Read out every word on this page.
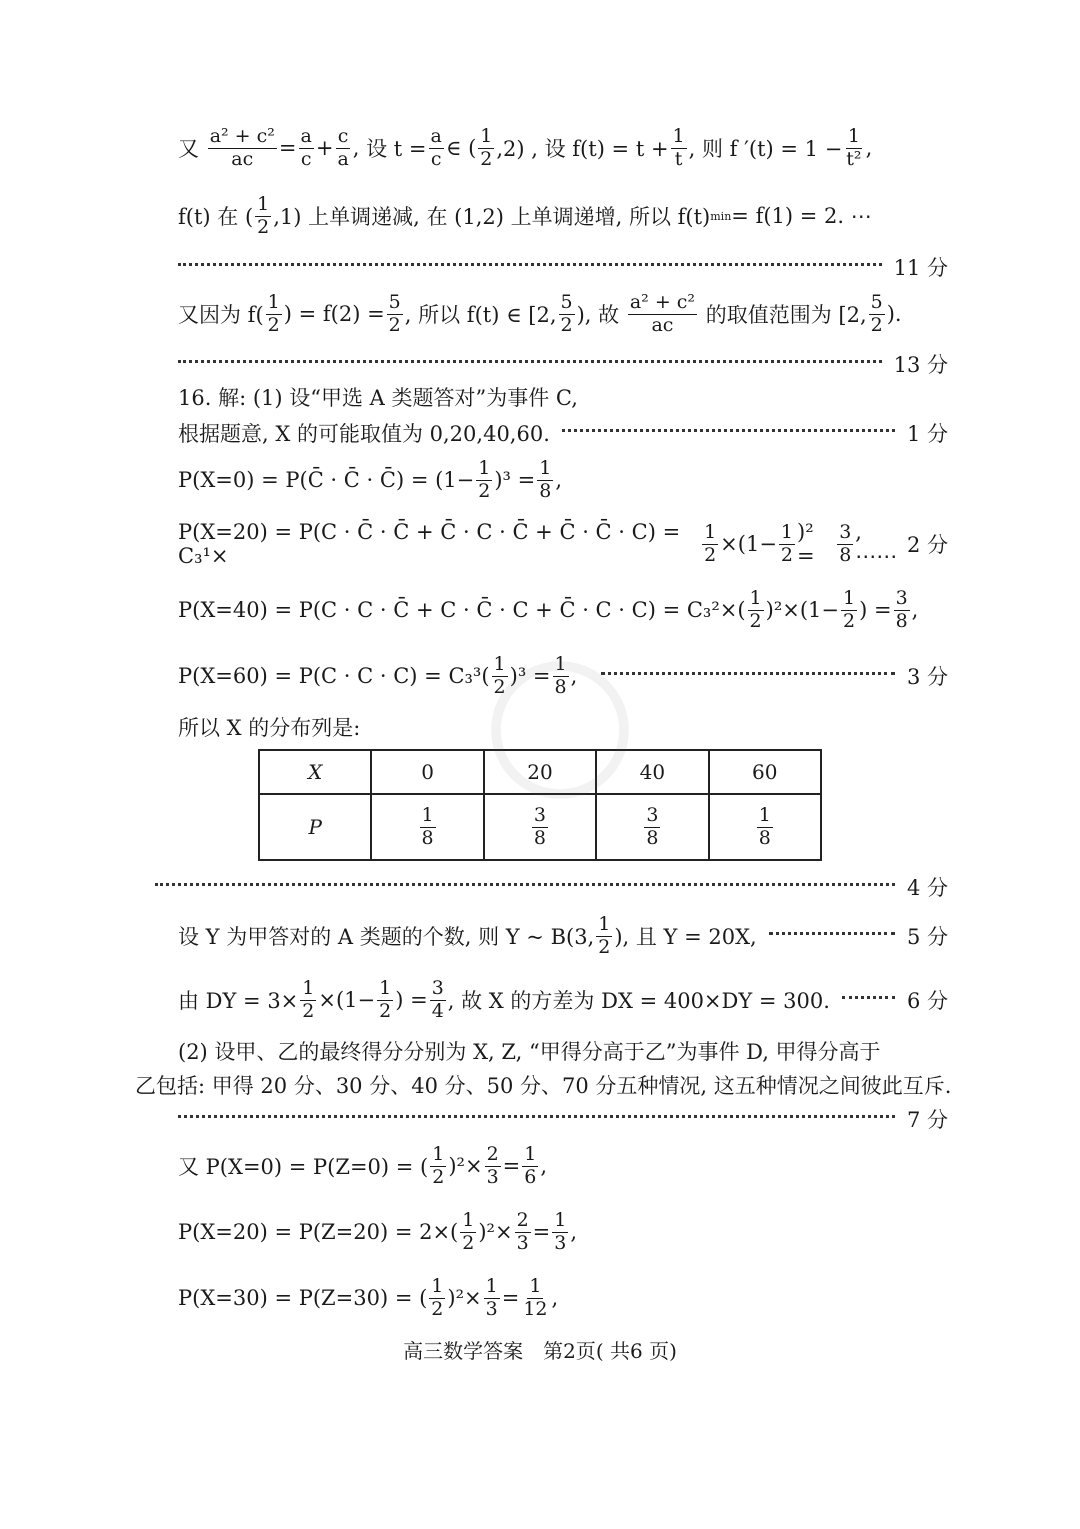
又
$\frac{\text{a² + c²}}{ac} = \frac{a}{c} + \frac{c}{a}$ , 设 $t = \frac{a}{c}$ ∈ ( $\frac{1}{2} ,2$) , 设 $f(t) = t + \frac{1}{t}$ , 则 f $'(t) = 1 - \frac{1}{\text{t²}}$ ,
f(t) 在 ( $\frac{1}{2} ,1$) 上单调递减, 在 (1,2) 上单调递增, 所以 f(t) min = f(1) = 2. ⋯
11 分
又因为 $f( \frac{1}{2}$ ) = $f(2) = \frac{5}{2}$ , 所以 f(t) ∈ [2, $\frac{5}{2}$ ), 故
$\frac{\text{a² + c²}}{ac}$
的取值范围为 [2, $\frac{5}{2}$ ).
13 分
16. 解: (1) 设“甲选 A 类题答对”为事件 C,
根据题意, X 的可能取值为 0,20,40,60.	1 分
P(X=0) = P(C̄ · C̄ · C̄) = $(1- \frac{1}{2} )^3 = \frac{1}{8}$ ,
P(X=20) = P(C · C̄ · C̄ + C̄ · C · C̄ + C̄ · C̄ · C) = C₃¹×	$\frac{1}{2} \times(1- \frac{1}{2} )^2$ =	$\frac{3}{8}$ , ⋯⋯ 2 分
P(X=40) = P(C · C · C̄ + C · C̄ · C + C̄ · $C \cdot C) = C_3^2\times( \frac{1}{2} )^2\times(1- \frac{1}{2}$ ) = $\frac{3}{8}$ ,
$P(X=60) = P(C \cdot C \cdot C) = C_3^3( \frac{1}{2} )^3 = \frac{1}{8}$ ,	3 分
所以 X 的分布列是:
X	0	20	40	60
P	$\frac{1}{8}$	$\frac{3}{8}$	$\frac{3}{8}$	$\frac{1}{8}$
4 分
设 Y 为甲答对的 A 类题的个数, 则 Y ~ B(3, $\frac{1}{2}$ ), 且 Y = 20X,	5 分
由 DY = $3\times \frac{1}{2} \times(1- \frac{1}{2}$ ) = $\frac{3}{4}$ , 故 X 的方差为 DX = 400×DY = 300.	6 分
(2) 设甲、乙的最终得分分别为 X, Z, “甲得分高于乙”为事件 D, 甲得分高于
乙包括: 甲得 20 分、30 分、40 分、50 分、70 分五种情况, 这五种情况之间彼此互斥.
7 分
又 P(X=0) = P(Z=0) = ( $\frac{1}{2} )^2\times \frac{2}{3} = \frac{1}{6}$ ,
$P(X=20) = P(Z=20) = 2\times( \frac{1}{2} )^2\times \frac{2}{3} = \frac{1}{3}$ ,
P(X=30) = P(Z=30) = ( $\frac{1}{2} )^2\times \frac{1}{3} = \frac{1}{12}$ ,
高三数学答案　第2页( 共6 页)
